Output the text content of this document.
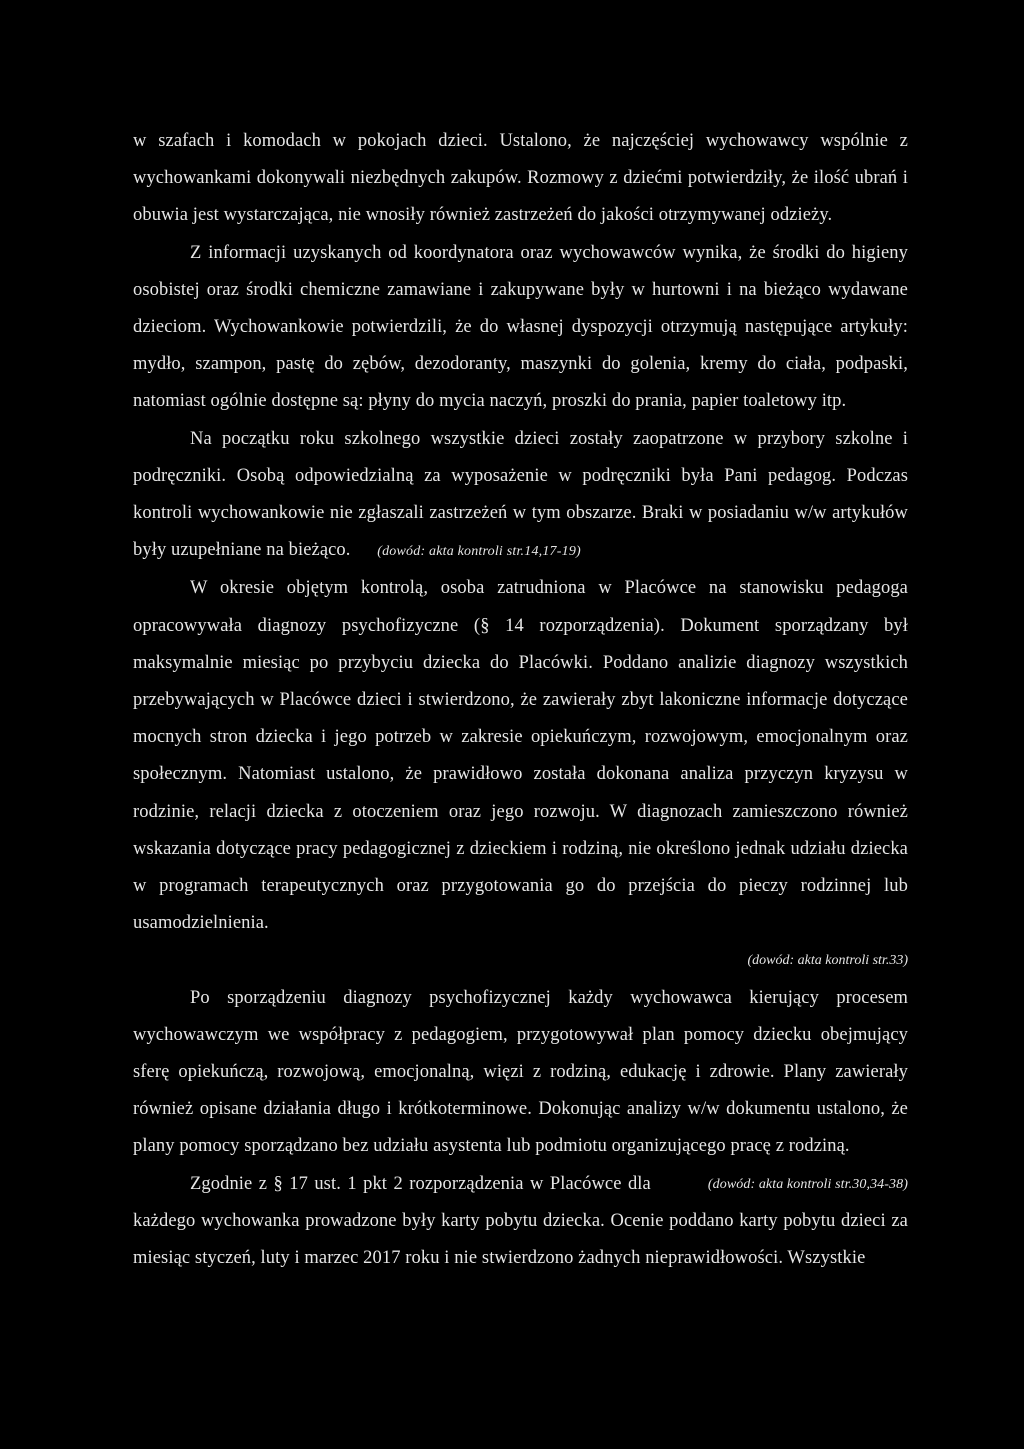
w szafach i komodach w pokojach dzieci. Ustalono, że najczęściej wychowawcy wspólnie z wychowankami dokonywali niezbędnych zakupów. Rozmowy z dziećmi potwierdziły, że ilość ubrań i obuwia jest wystarczająca, nie wnosiły również zastrzeżeń do jakości otrzymywanej odzieży.

Z informacji uzyskanych od koordynatora oraz wychowawców wynika, że środki do higieny osobistej oraz środki chemiczne zamawiane i zakupywane były w hurtowni i na bieżąco wydawane dzieciom. Wychowankowie potwierdzili, że do własnej dyspozycji otrzymują następujące artykuły: mydło, szampon, pastę do zębów, dezodoranty, maszynki do golenia, kremy do ciała, podpaski, natomiast ogólnie dostępne są: płyny do mycia naczyń, proszki do prania, papier toaletowy itp.

Na początku roku szkolnego wszystkie dzieci zostały zaopatrzone w przybory szkolne i podręczniki. Osobą odpowiedzialną za wyposażenie w podręczniki była Pani pedagog. Podczas kontroli wychowankowie nie zgłaszali zastrzeżeń w tym obszarze. Braki w posiadaniu w/w artykułów były uzupełniane na bieżąco. (dowód: akta kontroli str.14,17-19)

W okresie objętym kontrolą, osoba zatrudniona w Placówce na stanowisku pedagoga opracowywała diagnozy psychofizyczne (§ 14 rozporządzenia). Dokument sporządzany był maksymalnie miesiąc po przybyciu dziecka do Placówki. Poddano analizie diagnozy wszystkich przebywających w Placówce dzieci i stwierdzono, że zawierały zbyt lakoniczne informacje dotyczące mocnych stron dziecka i jego potrzeb w zakresie opiekuńczym, rozwojowym, emocjonalnym oraz społecznym. Natomiast ustalono, że prawidłowo została dokonana analiza przyczyn kryzysu w rodzinie, relacji dziecka z otoczeniem oraz jego rozwoju. W diagnozach zamieszczono również wskazania dotyczące pracy pedagogicznej z dzieckiem i rodziną, nie określono jednak udziału dziecka w programach terapeutycznych oraz przygotowania go do przejścia do pieczy rodzinnej lub usamodzielnienia.

(dowód: akta kontroli str.33)

Po sporządzeniu diagnozy psychofizycznej każdy wychowawca kierujący procesem wychowawczym we współpracy z pedagogiem, przygotowywał plan pomocy dziecku obejmujący sferę opiekuńczą, rozwojową, emocjonalną, więzi z rodziną, edukację i zdrowie. Plany zawierały również opisane działania długo i krótkoterminowe. Dokonując analizy w/w dokumentu ustalono, że plany pomocy sporządzano bez udziału asystenta lub podmiotu organizującego pracę z rodziną.
(dowód: akta kontroli str.30,34-38)

Zgodnie z § 17 ust. 1 pkt 2 rozporządzenia w Placówce dla każdego wychowanka prowadzone były karty pobytu dziecka. Ocenie poddano karty pobytu dzieci za miesiąc styczeń, luty i marzec 2017 roku i nie stwierdzono żadnych nieprawidłowości. Wszystkie
